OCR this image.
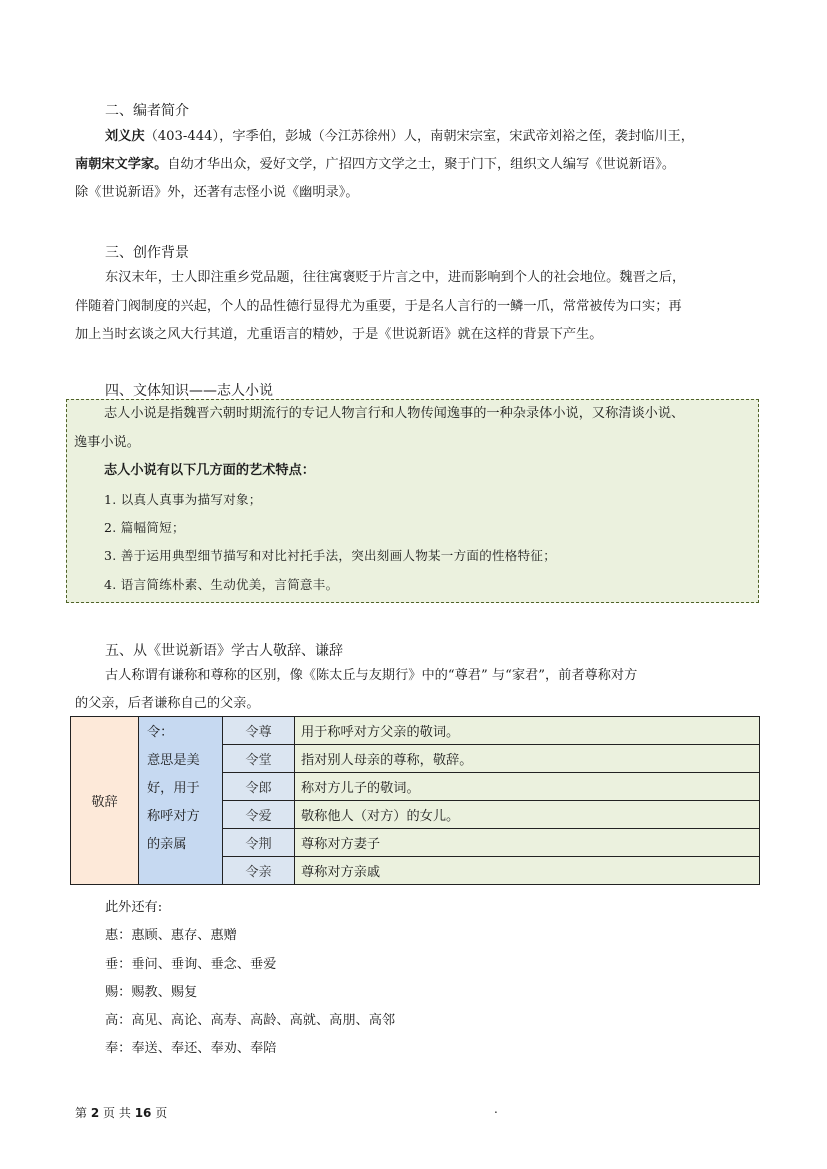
二、编者简介
刘义庆（403-444），字季伯，彭城（今江苏徐州）人，南朝宋宗室，宋武帝刘裕之侄，袭封临川王，
南朝宋文学家。自幼才华出众，爱好文学，广招四方文学之士，聚于门下，组织文人编写《世说新语》。
除《世说新语》外，还著有志怪小说《幽明录》。
三、创作背景
东汉末年，士人即注重乡党品题，往往寓褒贬于片言之中，进而影响到个人的社会地位。魏晋之后，
伴随着门阀制度的兴起，个人的品性德行显得尤为重要，于是名人言行的一鳞一爪，常常被传为口实；再
加上当时玄谈之风大行其道，尤重语言的精妙，于是《世说新语》就在这样的背景下产生。
四、文体知识——志人小说
志人小说是指魏晋六朝时期流行的专记人物言行和人物传闻逸事的一种杂录体小说，又称清谈小说、
逸事小说。
志人小说有以下几方面的艺术特点：
1. 以真人真事为描写对象；
2. 篇幅简短；
3. 善于运用典型细节描写和对比衬托手法，突出刻画人物某一方面的性格特征；
4. 语言简练朴素、生动优美，言简意丰。
五、从《世说新语》学古人敬辞、谦辞
古人称谓有谦称和尊称的区别，像《陈太丘与友期行》中的“尊君” 与“家君”，前者尊称对方
的父亲，后者谦称自己的父亲。
敬辞	令：
意思是美
好，用于
称呼对方
的亲属	令尊	用于称呼对方父亲的敬词。
		令堂	指对别人母亲的尊称，敬辞。
		令郎	称对方儿子的敬词。
		令爱	敬称他人（对方）的女儿。
		令荆	尊称对方妻子
		令亲	尊称对方亲戚
此外还有:
惠：惠顾、惠存、惠赠
垂：垂问、垂询、垂念、垂爱
赐：赐教、赐复
高：高见、高论、高寿、高龄、高就、高朋、高邻
奉：奉送、奉还、奉劝、奉陪
第 2 页 共 16 页	.
